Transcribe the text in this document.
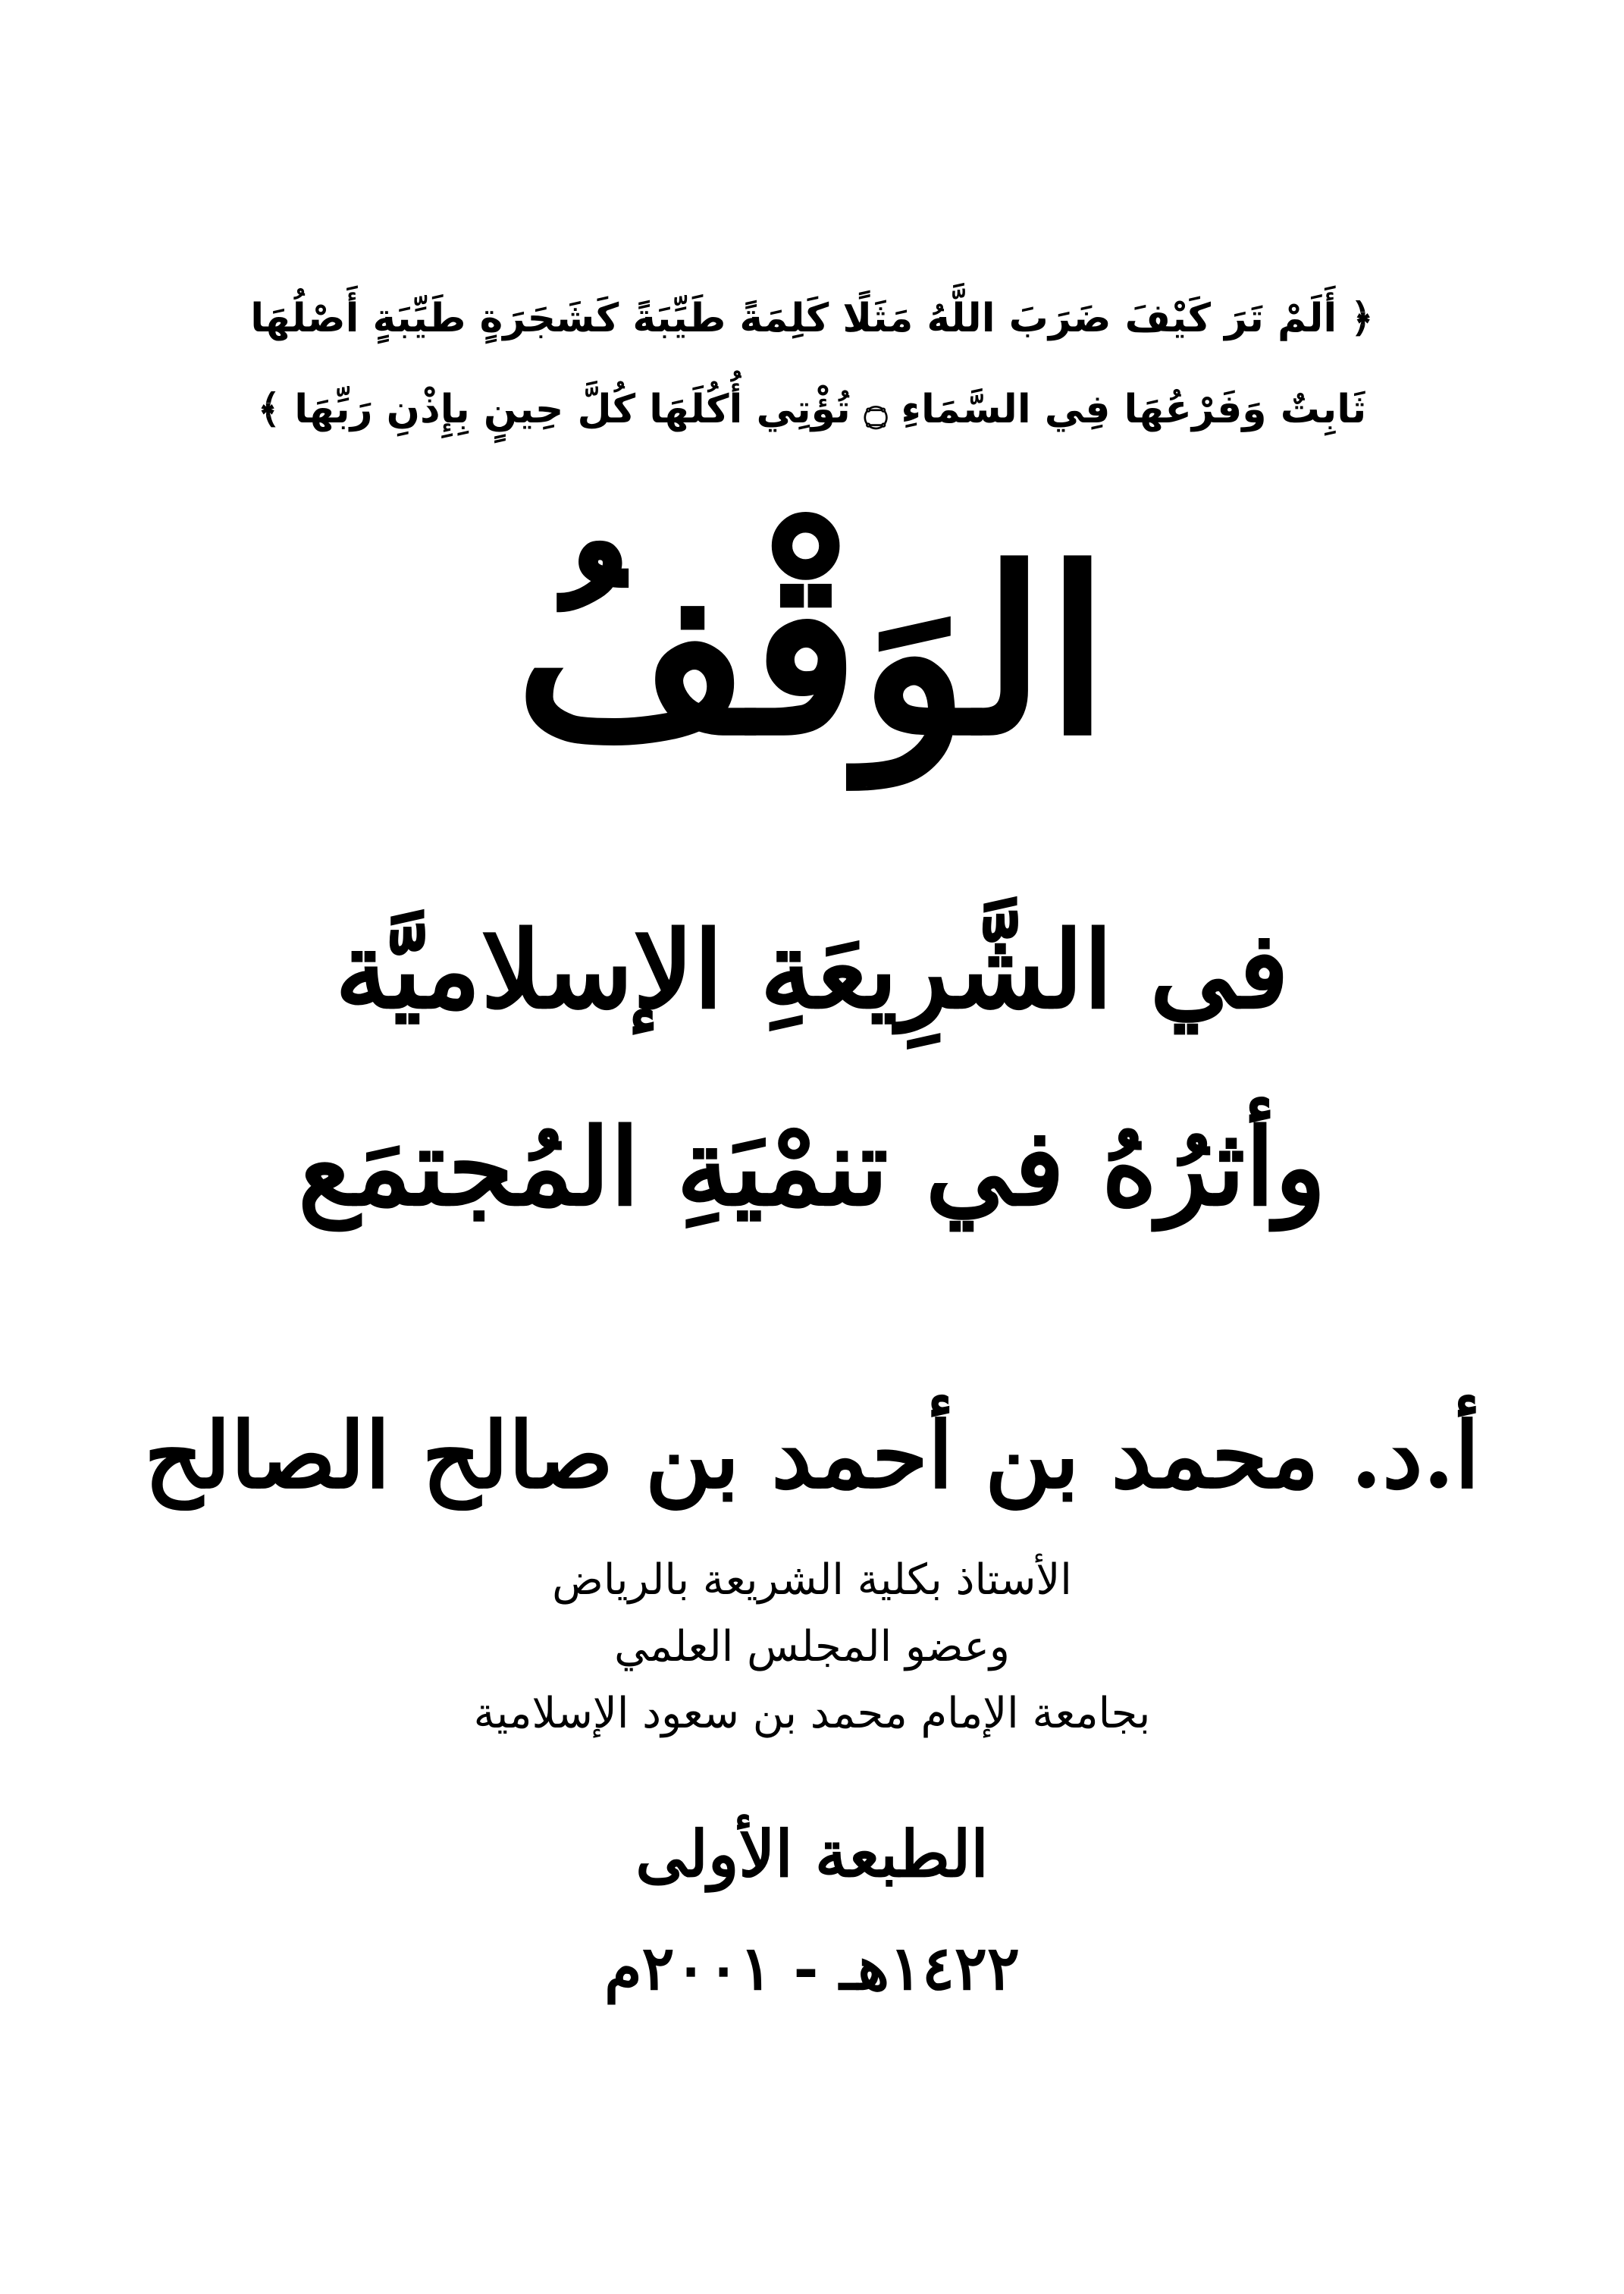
﴿ أَلَمْ تَرَ كَيْفَ ضَرَبَ اللَّهُ مَثَلًا كَلِمَةً طَيِّبَةً كَشَجَرَةٍ طَيِّبَةٍ أَصْلُهَا
ثَابِتٌ وَفَرْعُهَا فِي السَّمَاءِ ۝ تُؤْتِي أُكُلَهَا كُلَّ حِينٍ بِإِذْنِ رَبِّهَا ﴾
الوَقْفُ
في الشَّرِيعَةِ الإسلاميَّة
وأثرُهُ في تنمْيَةِ المُجتمَع
أ.د. محمد بن أحمد بن صالح الصالح
الأستاذ بكلية الشريعة بالرياض
وعضو المجلس العلمي
بجامعة الإمام محمد بن سعود الإسلامية
الطبعة الأولى
١٤٢٢هـ - ٢٠٠١م
